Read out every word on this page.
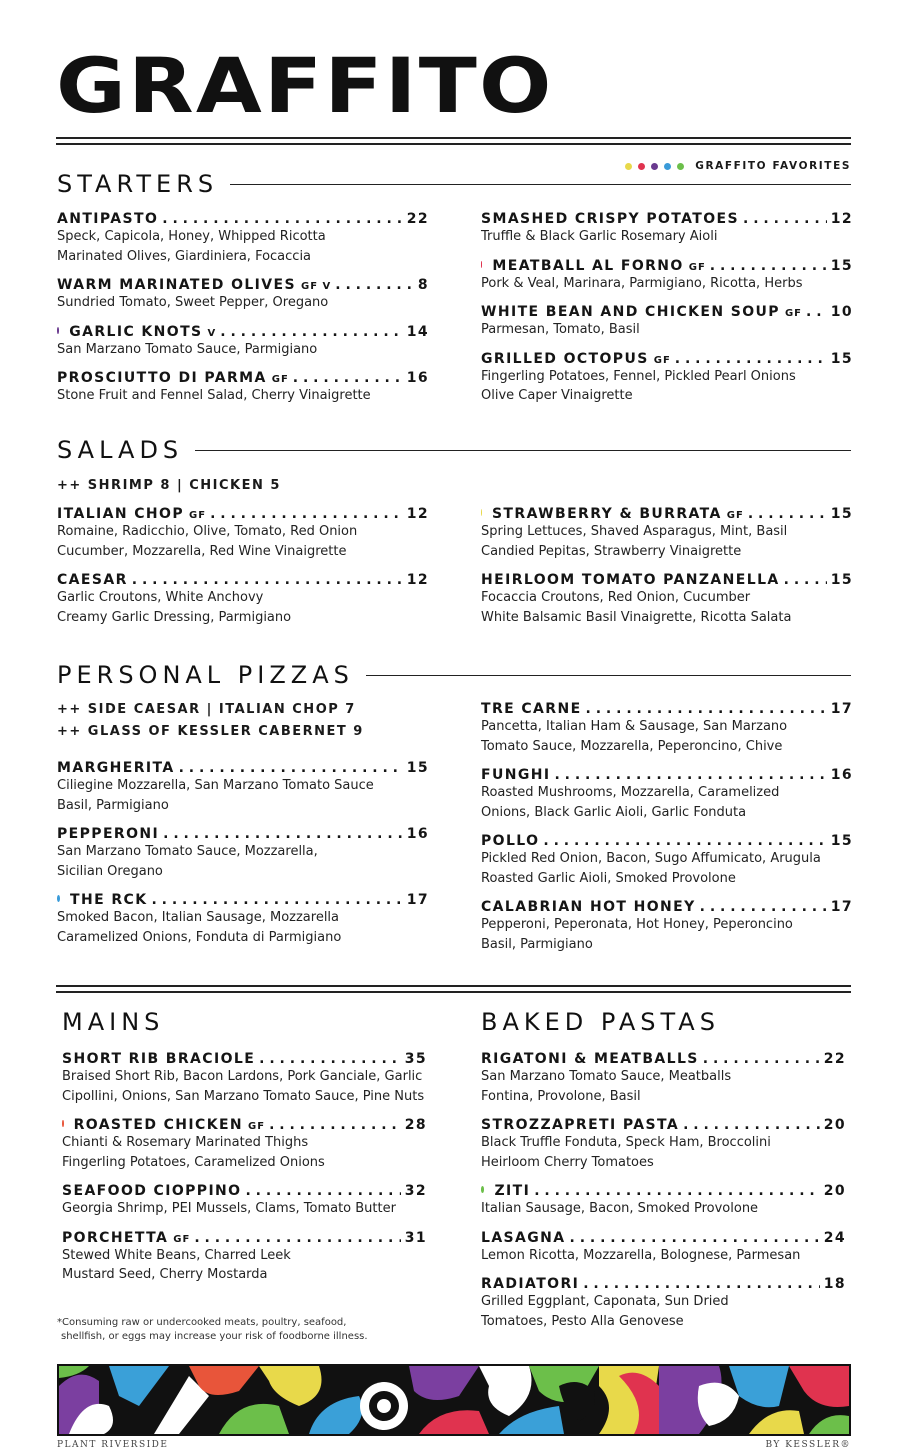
GRAFFITO
GRAFFITO FAVORITES
STARTERS
ANTIPASTO . . .	22
Speck, Capicola, Honey, Whipped Ricotta
Marinated Olives, Giardiniera, Focaccia
WARM MARINATED OLIVES GF V . . .	8
Sundried Tomato, Sweet Pepper, Oregano
GARLIC KNOTS V . . .	14
San Marzano Tomato Sauce, Parmigiano
PROSCIUTTO DI PARMA GF . . .	16
Stone Fruit and Fennel Salad, Cherry Vinaigrette
SMASHED CRISPY POTATOES . . .	12
Truffle & Black Garlic Rosemary Aioli
MEATBALL AL FORNO GF . . .	15
Pork & Veal, Marinara, Parmigiano, Ricotta, Herbs
WHITE BEAN AND CHICKEN SOUP GF . . . 10
Parmesan, Tomato, Basil
GRILLED OCTOPUS GF . . .	15
Fingerling Potatoes, Fennel, Pickled Pearl Onions
Olive Caper Vinaigrette
SALADS
++ SHRIMP 8 | CHICKEN 5
ITALIAN CHOP GF . . .	12
Romaine, Radicchio, Olive, Tomato, Red Onion
Cucumber, Mozzarella, Red Wine Vinaigrette
CAESAR . . .	12
Garlic Croutons, White Anchovy
Creamy Garlic Dressing, Parmigiano
STRAWBERRY & BURRATA GF . . .	15
Spring Lettuces, Shaved Asparagus, Mint, Basil
Candied Pepitas, Strawberry Vinaigrette
HEIRLOOM TOMATO PANZANELLA . . .	15
Focaccia Croutons, Red Onion, Cucumber
White Balsamic Basil Vinaigrette, Ricotta Salata
PERSONAL PIZZAS
++ SIDE CAESAR | ITALIAN CHOP 7
++ GLASS OF KESSLER CABERNET 9
MARGHERITA . . .	15
Ciliegine Mozzarella, San Marzano Tomato Sauce
Basil, Parmigiano
PEPPERONI . . .	16
San Marzano Tomato Sauce, Mozzarella,
Sicilian Oregano
THE RCK . . .	17
Smoked Bacon, Italian Sausage, Mozzarella
Caramelized Onions, Fonduta di Parmigiano
TRE CARNE . . .	17
Pancetta, Italian Ham & Sausage, San Marzano
Tomato Sauce, Mozzarella, Peperoncino, Chive
FUNGHI . . .	16
Roasted Mushrooms, Mozzarella, Caramelized
Onions, Black Garlic Aioli, Garlic Fonduta
POLLO . . .	15
Pickled Red Onion, Bacon, Sugo Affumicato, Arugula
Roasted Garlic Aioli, Smoked Provolone
CALABRIAN HOT HONEY . . .	17
Pepperoni, Peperonata, Hot Honey, Peperoncino
Basil, Parmigiano
MAINS
SHORT RIB BRACIOLE . . .	35
Braised Short Rib, Bacon Lardons, Pork Ganciale, Garlic
Cipollini, Onions, San Marzano Tomato Sauce, Pine Nuts
ROASTED CHICKEN GF . . .	28
Chianti & Rosemary Marinated Thighs
Fingerling Potatoes, Caramelized Onions
SEAFOOD CIOPPINO . . .	32
Georgia Shrimp, PEI Mussels, Clams, Tomato Butter
PORCHETTA GF . . .	31
Stewed White Beans, Charred Leek
Mustard Seed, Cherry Mostarda
BAKED PASTAS
RIGATONI & MEATBALLS . . .	22
San Marzano Tomato Sauce, Meatballs
Fontina, Provolone, Basil
STROZZAPRETI PASTA . . .	20
Black Truffle Fonduta, Speck Ham, Broccolini
Heirloom Cherry Tomatoes
ZITI . . .	20
Italian Sausage, Bacon, Smoked Provolone
LASAGNA . . .	24
Lemon Ricotta, Mozzarella, Bolognese, Parmesan
RADIATORI . . .	18
Grilled Eggplant, Caponata, Sun Dried
Tomatoes, Pesto Alla Genovese
*Consuming raw or undercooked meats, poultry, seafood,
shellfish, or eggs may increase your risk of foodborne illness.
PLANT RIVERSIDE	BY KESSLER®
